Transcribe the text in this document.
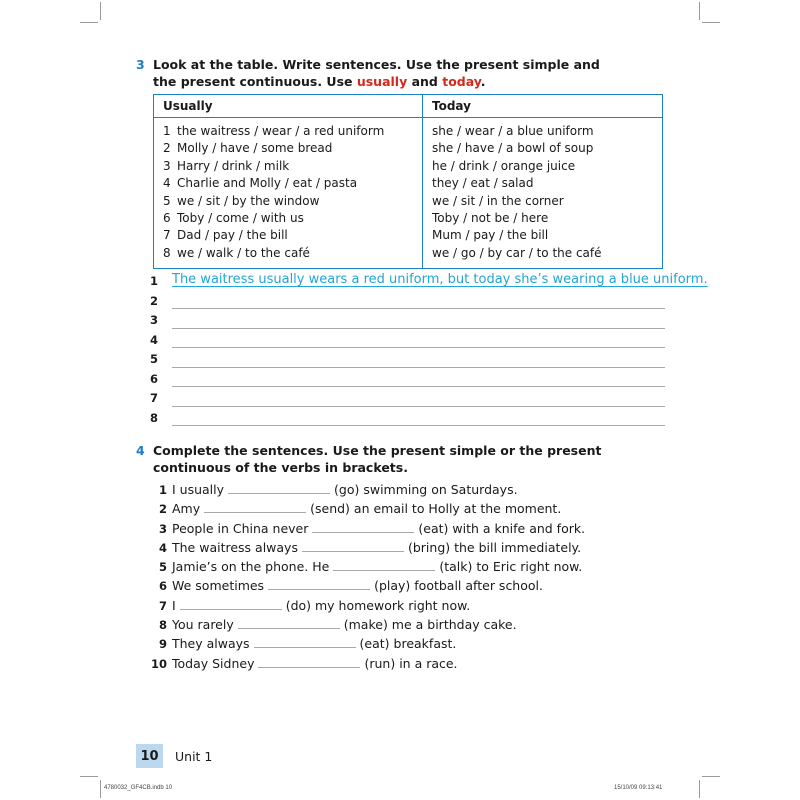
3 Look at the table. Write sentences. Use the present simple and the present continuous. Use usually and today.
Usually	Today
1 the waitress / wear / a red uniform	she / wear / a blue uniform
2 Molly / have / some bread	she / have / a bowl of soup
3 Harry / drink / milk	he / drink / orange juice
4 Charlie and Molly / eat / pasta	they / eat / salad
5 we / sit / by the window	we / sit / in the corner
6 Toby / come / with us	Toby / not be / here
7 Dad / pay / the bill	Mum / pay / the bill
8 we / walk / to the café	we / go / by car / to the café
1 The waitress usually wears a red uniform, but today she’s wearing a blue uniform.
2
3
4
5
6
7
8
4 Complete the sentences. Use the present simple or the present continuous of the verbs in brackets.
1 I usually	(go) swimming on Saturdays.
2 Amy	(send) an email to Holly at the moment.
3 People in China never	(eat) with a knife and fork.
4 The waitress always	(bring) the bill immediately.
5 Jamie’s on the phone. He	(talk) to Eric right now.
6 We sometimes	(play) football after school.
7 I	(do) my homework right now.
8 You rarely	(make) me a birthday cake.
9 They always	(eat) breakfast.
10 Today Sidney	(run) in a race.
10	Unit 1
4780032_GF4CB.indb 10	15/10/09 09:13:41
